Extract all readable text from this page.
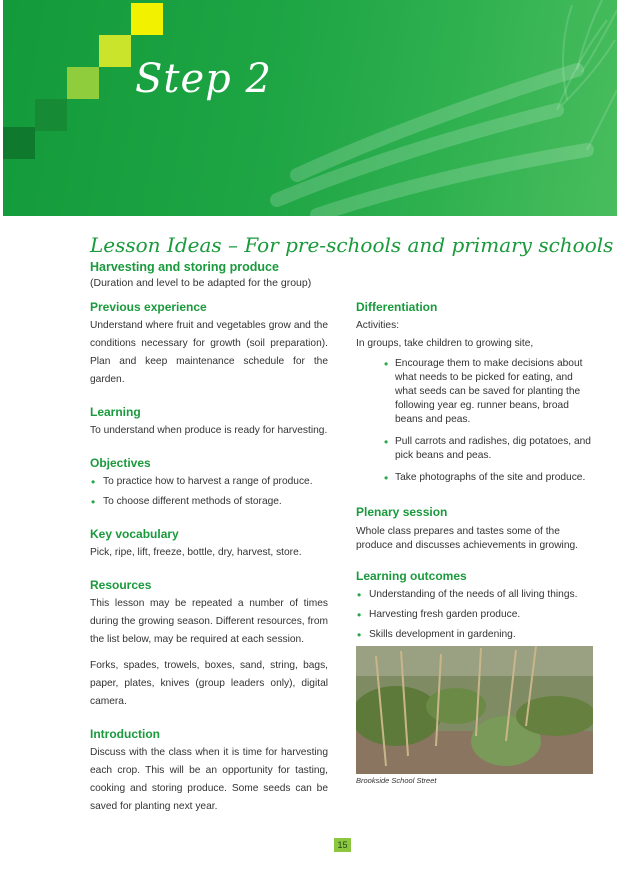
Step 2
Lesson Ideas – For pre-schools and primary schools
Harvesting and storing produce
(Duration and level to be adapted for the group)
Previous experience
Understand where fruit and vegetables grow and the conditions necessary for growth (soil preparation). Plan and keep maintenance schedule for the garden.
Learning
To understand when produce is ready for harvesting.
Objectives
• To practice how to harvest a range of produce.
• To choose different methods of storage.
Key vocabulary
Pick, ripe, lift, freeze, bottle, dry, harvest, store.
Resources
This lesson may be repeated a number of times during the growing season. Different resources, from the list below, may be required at each session.
Forks, spades, trowels, boxes, sand, string, bags, paper, plates, knives (group leaders only), digital camera.
Introduction
Discuss with the class when it is time for harvesting each crop. This will be an opportunity for tasting, cooking and storing produce. Some seeds can be saved for planting next year.
Differentiation
Activities:
In groups, take children to growing site,
• Encourage them to make decisions about what needs to be picked for eating, and what seeds can be saved for planting the following year eg. runner beans, broad beans and peas.
• Pull carrots and radishes, dig potatoes, and pick beans and peas.
• Take photographs of the site and produce.
Plenary session
Whole class prepares and tastes some of the produce and discusses achievements in growing.
Learning outcomes
• Understanding of the needs of all living things.
• Harvesting fresh garden produce.
• Skills development in gardening.
Brookside School Street
15
